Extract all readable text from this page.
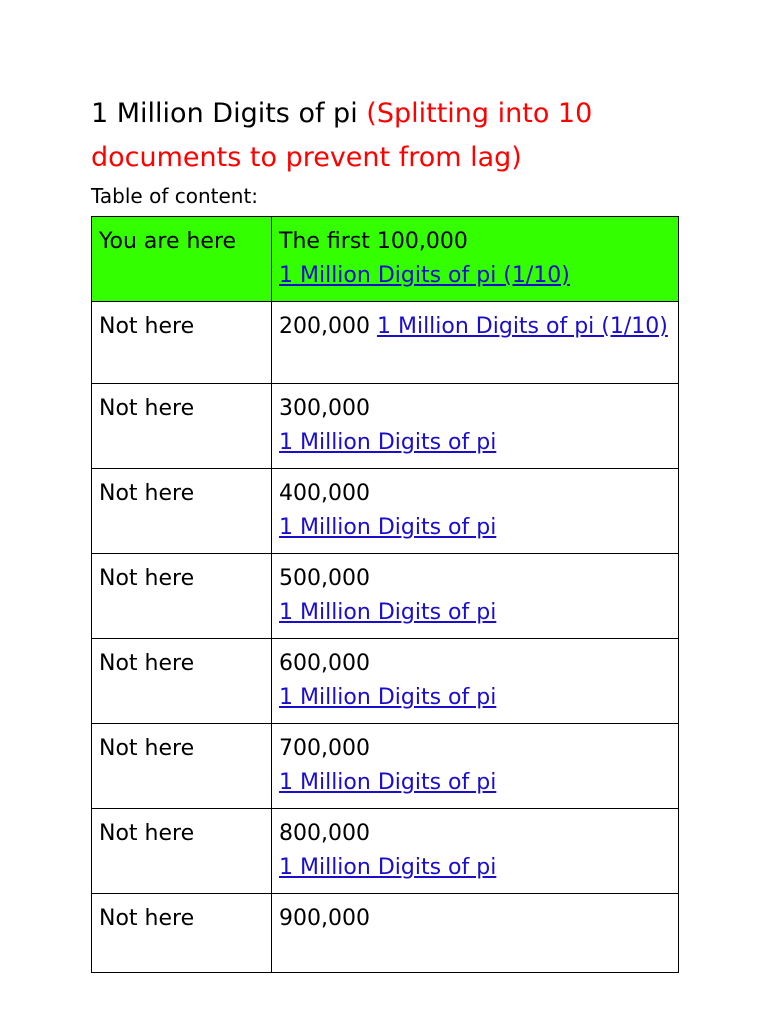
1 Million Digits of pi (Splitting into 10 documents to prevent from lag)
Table of content:
You are here	The first 100,000
1 Million Digits of pi (1/10)
Not here	200,000 1 Million Digits of pi (1/10)
Not here	300,000
1 Million Digits of pi
Not here	400,000
1 Million Digits of pi
Not here	500,000
1 Million Digits of pi
Not here	600,000
1 Million Digits of pi
Not here	700,000
1 Million Digits of pi
Not here	800,000
1 Million Digits of pi
Not here	900,000
